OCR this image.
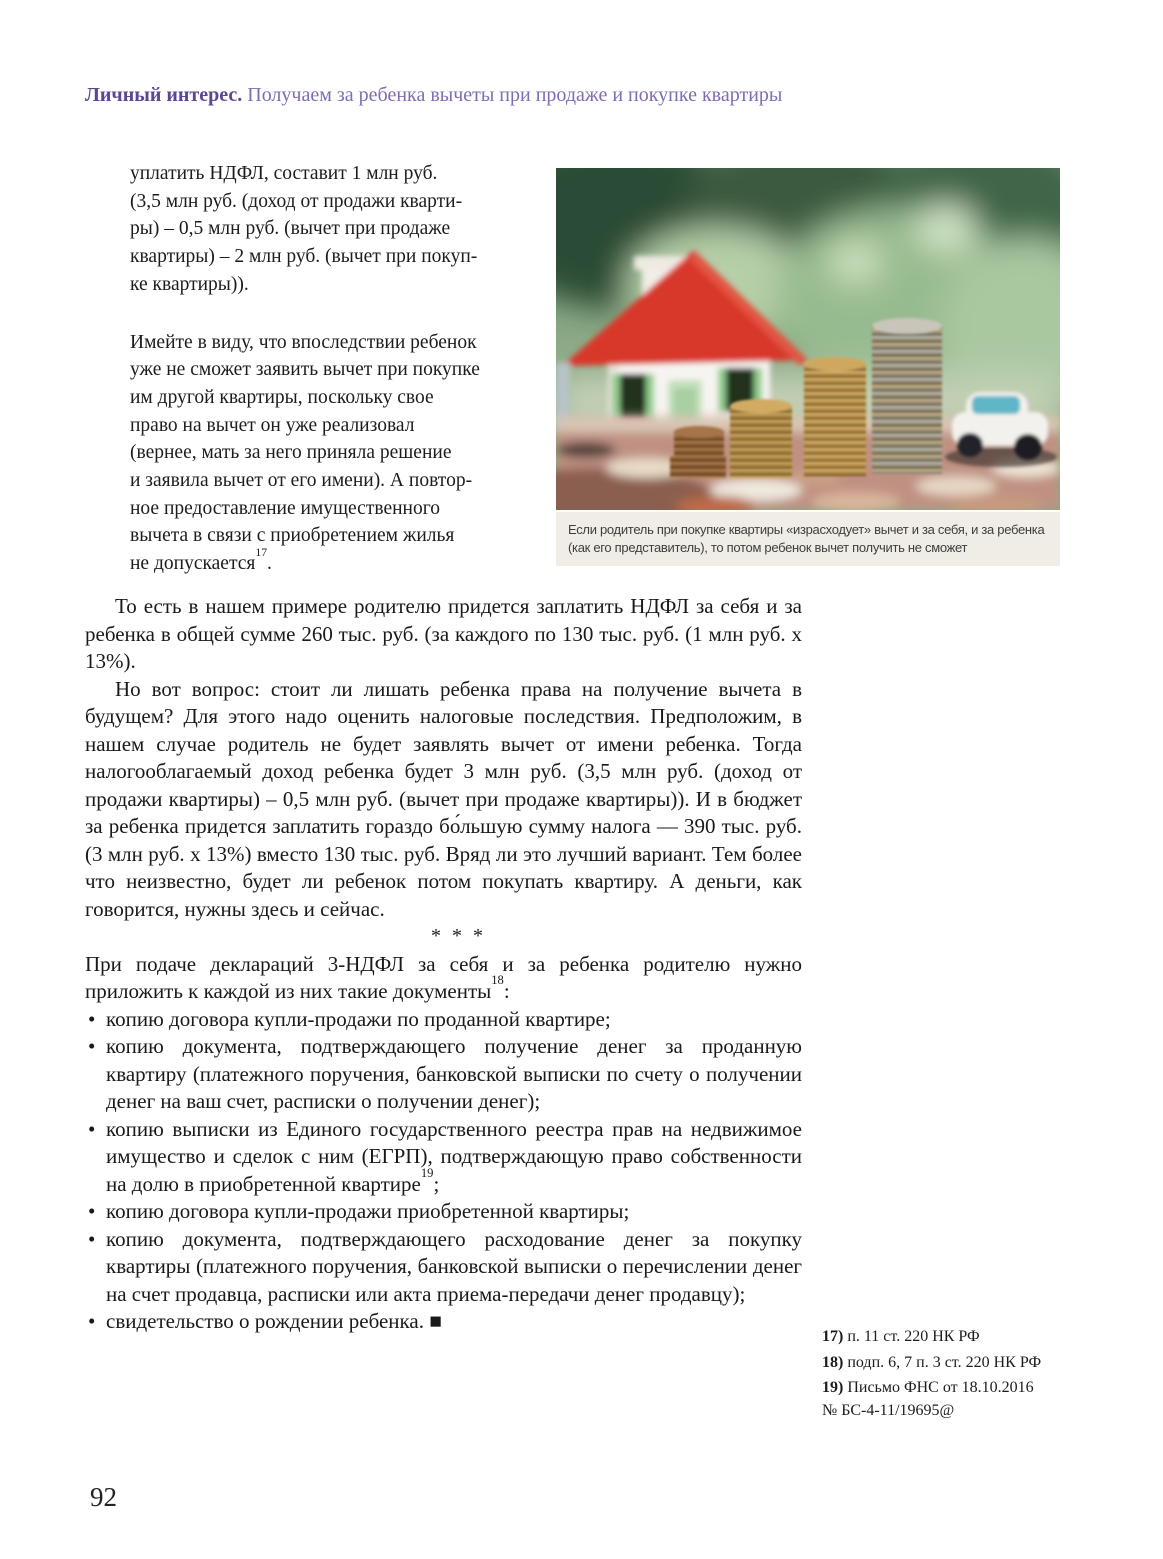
Личный интерес. Получаем за ребенка вычеты при продаже и покупке квартиры
уплатить НДФЛ, составит 1 млн руб.
(3,5 млн руб. (доход от продажи кварти-
ры) – 0,5 млн руб. (вычет при продаже
квартиры) – 2 млн руб. (вычет при покуп-
ке квартиры)).
Имейте в виду, что впоследствии ребенок
уже не сможет заявить вычет при покупке
им другой квартиры, поскольку свое
право на вычет он уже реализовал
(вернее, мать за него приняла решение
и заявила вычет от его имени). А повтор-
ное предоставление имущественного
вычета в связи с приобретением жилья
не допускается$^{17}$.
Если родитель при покупке квартиры «израсходует» вычет и за себя, и за ребенка (как его представитель), то потом ребенок вычет получить не сможет

То есть в нашем примере родителю придется заплатить НДФЛ за себя и за ребенка в общей сумме 260 тыс. руб. (за каждого по 130 тыс. руб. (1 млн руб. х 13%).

Но вот вопрос: стоит ли лишать ребенка права на получение вычета в будущем? Для этого надо оценить налоговые последствия. Предположим, в нашем случае родитель не будет заявлять вычет от имени ребенка. Тогда налогооблагаемый доход ребенка будет 3 млн руб. (3,5 млн руб. (доход от продажи квартиры) – 0,5 млн руб. (вычет при продаже квартиры)). И в бюджет за ребенка придется заплатить гораздо бо́льшую сумму налога — 390 тыс. руб. (3 млн руб. х 13%) вместо 130 тыс. руб. Вряд ли это лучший вариант. Тем более что неизвестно, будет ли ребенок потом покупать квартиру. А деньги, как говорится, нужны здесь и сейчас.

* * *

При подаче деклараций 3-НДФЛ за себя и за ребенка родителю нужно приложить к каждой из них такие документы$^{18}$:

• копию договора купли-продажи по проданной квартире;
• копию документа, подтверждающего получение денег за проданную квартиру (платежного поручения, банковской выписки по счету о получении денег на ваш счет, расписки о получении денег);
• копию выписки из Единого государственного реестра прав на недвижимое имущество и сделок с ним (ЕГРП), подтверждающую право собственности на долю в приобретенной квартире$^{19}$;
• копию договора купли-продажи приобретенной квартиры;
• копию документа, подтверждающего расходование денег за покупку квартиры (платежного поручения, банковской выписки о перечислении денег на счет продавца, расписки или акта приема-передачи денег продавцу);
• свидетельство о рождении ребенка. ■
17) п. 11 ст. 220 НК РФ
18) подп. 6, 7 п. 3 ст. 220 НК РФ
19) Письмо ФНС от 18.10.2016
№ БС-4-11/19695@
92
